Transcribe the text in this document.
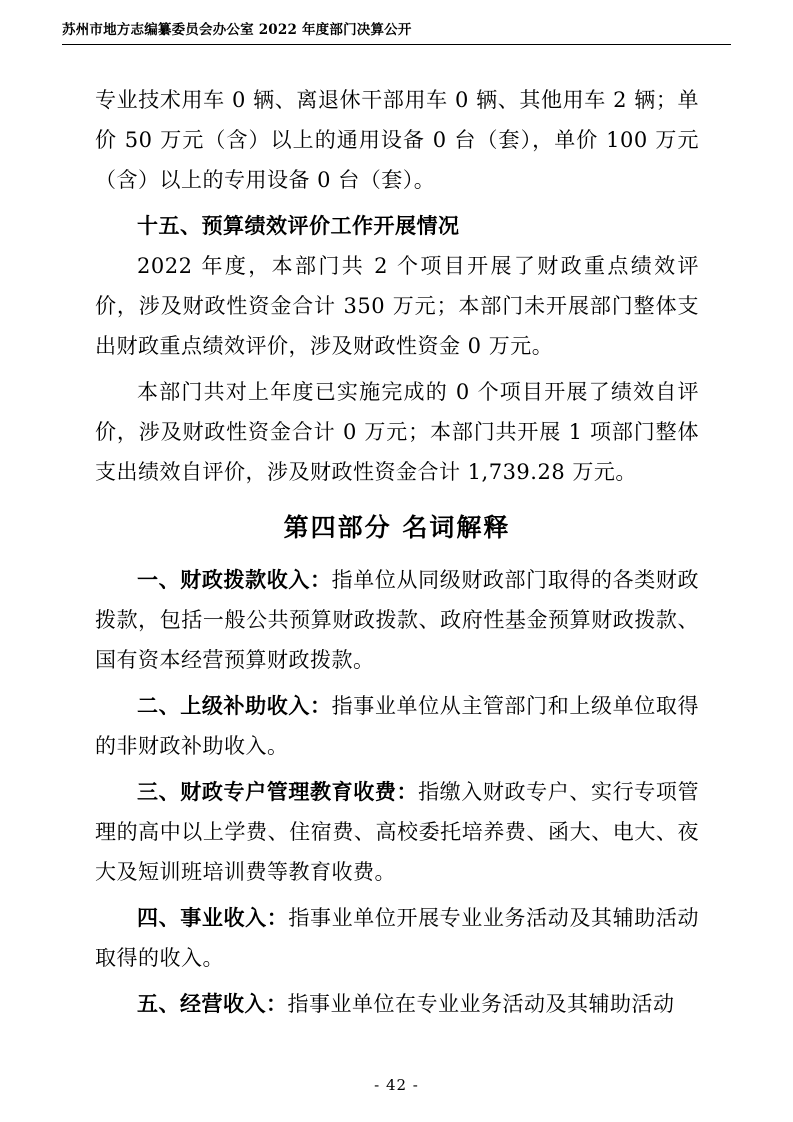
苏州市地方志编纂委员会办公室 2022 年度部门决算公开

专业技术用车 0 辆、离退休干部用车 0 辆、其他用车 2 辆；单价 50 万元（含）以上的通用设备 0 台（套），单价 100 万元（含）以上的专用设备 0 台（套）。

十五、预算绩效评价工作开展情况

2022 年度，本部门共 2 个项目开展了财政重点绩效评价，涉及财政性资金合计 350 万元；本部门未开展部门整体支出财政重点绩效评价，涉及财政性资金 0 万元。

本部门共对上年度已实施完成的 0 个项目开展了绩效自评价，涉及财政性资金合计 0 万元；本部门共开展 1 项部门整体支出绩效自评价，涉及财政性资金合计 1,739.28 万元。

第四部分 名词解释

一、财政拨款收入：指单位从同级财政部门取得的各类财政拨款，包括一般公共预算财政拨款、政府性基金预算财政拨款、国有资本经营预算财政拨款。

二、上级补助收入：指事业单位从主管部门和上级单位取得的非财政补助收入。

三、财政专户管理教育收费：指缴入财政专户、实行专项管理的高中以上学费、住宿费、高校委托培养费、函大、电大、夜大及短训班培训费等教育收费。

四、事业收入：指事业单位开展专业业务活动及其辅助活动取得的收入。

五、经营收入：指事业单位在专业业务活动及其辅助活动

- 42 -
